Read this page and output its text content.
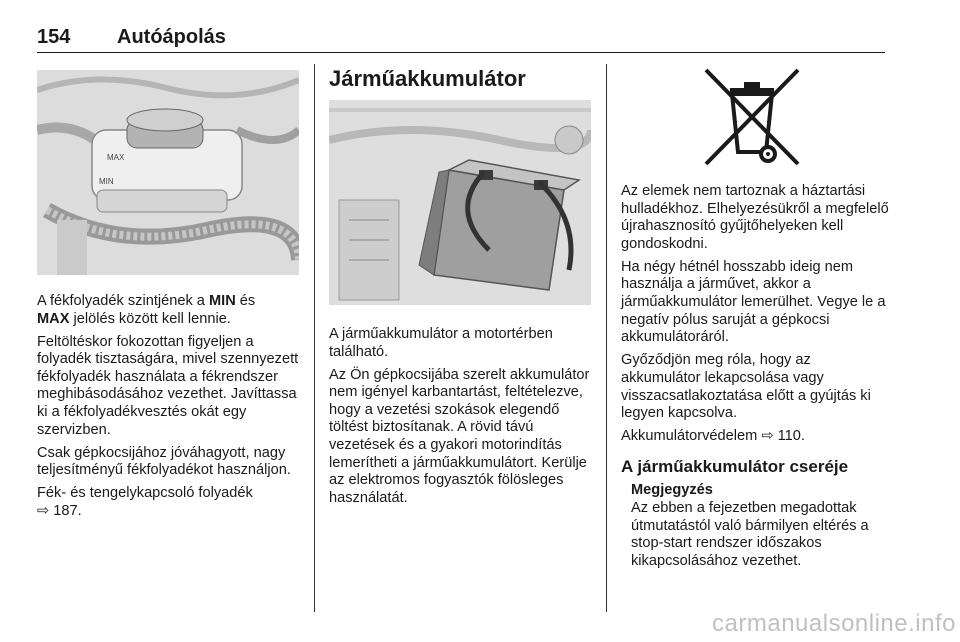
154 Autóápolás
MAX
MIN

A fékfolyadék szintjének a MIN és
MAX jelölés között kell lennie.

Feltöltéskor fokozottan figyeljen a folyadék tisztaságára, mivel szennyezett fékfolyadék használata a fékrendszer meghibásodásához vezethet. Javíttassa ki a fékfolyadékvesztés okát egy szervizben.

Csak gépkocsijához jóváhagyott, nagy teljesítményű fékfolyadékot használjon.

Fék- és tengelykapcsoló folyadék
⇨ 187.

Járműakkumulátor

A járműakkumulátor a motortérben található.

Az Ön gépkocsijába szerelt akkumulátor nem igényel karbantartást, feltételezve, hogy a vezetési szokások elegendő töltést biztosítanak. A rövid távú vezetések és a gyakori motorindítás lemerítheti a járműakkumulátort. Kerülje az elektromos fogyasztók fölösleges használatát.

Az elemek nem tartoznak a háztartási hulladékhoz. Elhelyezésükről a megfelelő újrahasznosító gyűjtőhelyeken kell gondoskodni.

Ha négy hétnél hosszabb ideig nem használja a járművet, akkor a járműakkumulátor lemerülhet. Vegye le a negatív pólus saruját a gépkocsi akkumulátoráról.

Győződjön meg róla, hogy az akkumulátor lekapcsolása vagy visszacsatlakoztatása előtt a gyújtás ki legyen kapcsolva.

Akkumulátorvédelem ⇨ 110.

A járműakkumulátor cseréje
Megjegyzés
Az ebben a fejezetben megadottak útmutatástól való bármilyen eltérés a stop-start rendszer időszakos kikapcsolásához vezethet.
carmanualsonline.info
